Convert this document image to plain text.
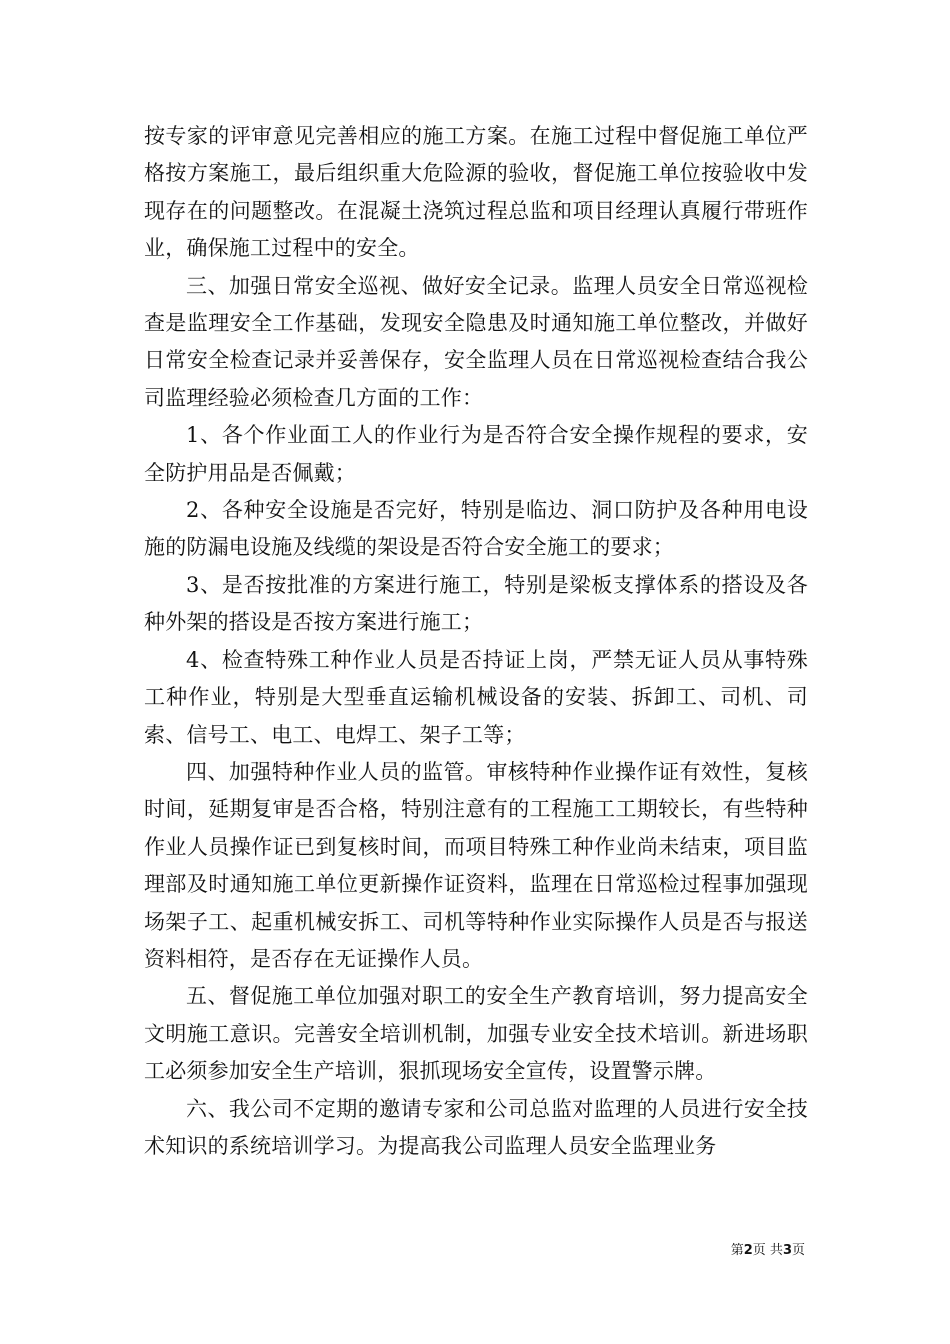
按专家的评审意见完善相应的施工方案。在施工过程中督促施工单位严格按方案施工，最后组织重大危险源的验收，督促施工单位按验收中发现存在的问题整改。在混凝土浇筑过程总监和项目经理认真履行带班作业，确保施工过程中的安全。

三、加强日常安全巡视、做好安全记录。监理人员安全日常巡视检查是监理安全工作基础，发现安全隐患及时通知施工单位整改，并做好日常安全检查记录并妥善保存，安全监理人员在日常巡视检查结合我公司监理经验必须检查几方面的工作：

1、各个作业面工人的作业行为是否符合安全操作规程的要求，安全防护用品是否佩戴；

2、各种安全设施是否完好，特别是临边、洞口防护及各种用电设施的防漏电设施及线缆的架设是否符合安全施工的要求；

3、是否按批准的方案进行施工，特别是梁板支撑体系的搭设及各种外架的搭设是否按方案进行施工；

4、检查特殊工种作业人员是否持证上岗，严禁无证人员从事特殊工种作业，特别是大型垂直运输机械设备的安装、拆卸工、司机、司索、信号工、电工、电焊工、架子工等；

四、加强特种作业人员的监管。审核特种作业操作证有效性，复核时间，延期复审是否合格，特别注意有的工程施工工期较长，有些特种作业人员操作证已到复核时间，而项目特殊工种作业尚未结束，项目监理部及时通知施工单位更新操作证资料，监理在日常巡检过程事加强现场架子工、起重机械安拆工、司机等特种作业实际操作人员是否与报送资料相符，是否存在无证操作人员。

五、督促施工单位加强对职工的安全生产教育培训，努力提高安全文明施工意识。完善安全培训机制，加强专业安全技术培训。新进场职工必须参加安全生产培训，狠抓现场安全宣传，设置警示牌。

六、我公司不定期的邀请专家和公司总监对监理的人员进行安全技术知识的系统培训学习。为提高我公司监理人员安全监理业务

第2页 共3页
